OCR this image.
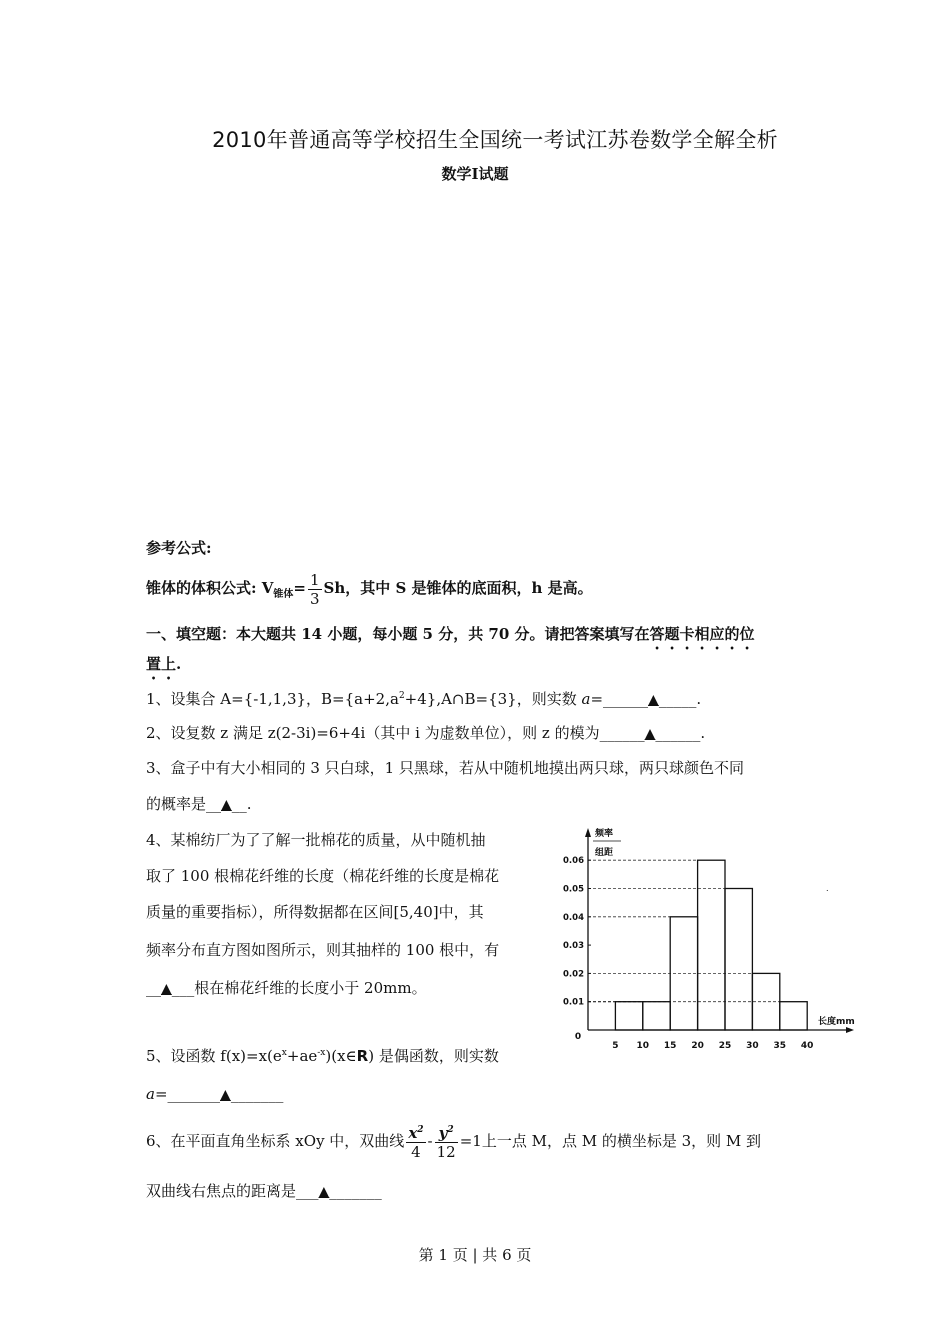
2010年普通高等学校招生全国统一考试江苏卷数学全解全析
数学Ⅰ试题
参考公式:
锥体的体积公式: $V_{锥体}= \frac{1}{3}$ Sh，其中 S 是锥体的底面积，h 是高。
一、填空题：本大题共 14 小题，每小题 5 分，共 70 分。请把答案填写在答题卡相应的位
置上.
1、设集合 A={-1,1,3}，$B=\{a+2,a^2+4\},A\cap B=\{3\}$，则实数 a=______▲_____.
2、设复数 z 满足 z(2-3i)=6+4i（其中 i 为虚数单位），则 z 的模为______▲______.
3、盒子中有大小相同的 3 只白球，1 只黑球，若从中随机地摸出两只球，两只球颜色不同
的概率是__▲__.
4、某棉纺厂为了了解一批棉花的质量，从中随机抽
取了 100 根棉花纤维的长度（棉花纤维的长度是棉花
质量的重要指标），所得数据都在区间[5,40]中，其
频率分布直方图如图所示，则其抽样的 100 根中，有
__▲___根在棉花纤维的长度小于 20mm。
5、设函数 $f(x)=x(e^x+ae^{-x})(x\in R)$ 是偶函数，则实数
a=_______▲_______
6、在平面直角坐标系 xOy 中，双曲线 $\frac{x^2}{4} - \frac{y^2}{12} =1$上一点 M，点 M 的横坐标是 3，则 M 到
双曲线右焦点的距离是___▲_______
0.01
0.02
0.03
0.04
0.05
0.06
5 10 15 20 25 30 35 40
0
频率
组距
长度mm
.
第 1 页 | 共 6 页
